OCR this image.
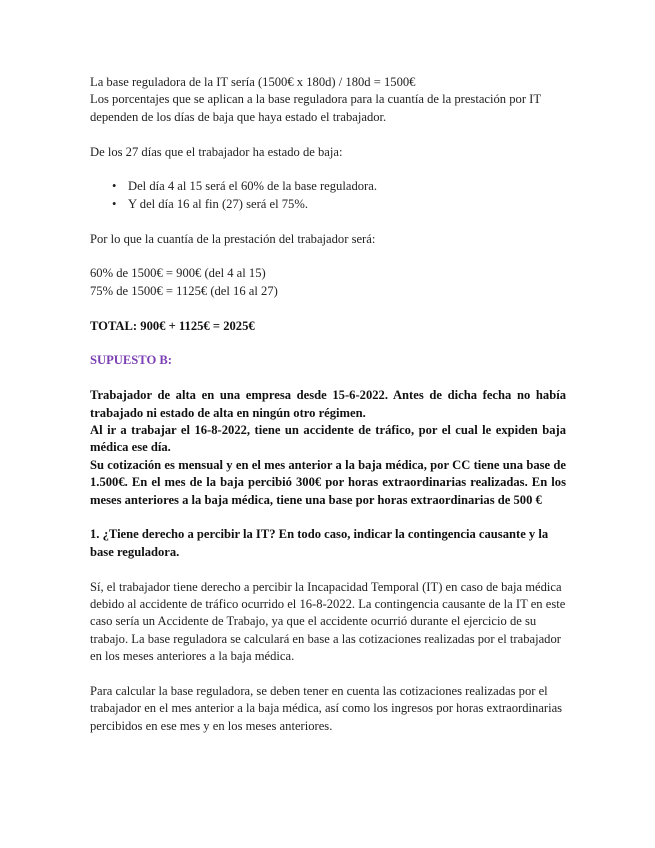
La base reguladora de la IT sería (1500€ x 180d) / 180d = 1500€

Los porcentajes que se aplican a la base reguladora para la cuantía de la prestación por IT dependen de los días de baja que haya estado el trabajador.

De los 27 días que el trabajador ha estado de baja:

• Del día 4 al 15 será el 60% de la base reguladora.
• Y del día 16 al fin (27) será el 75%.

Por lo que la cuantía de la prestación del trabajador será:

60% de 1500€ = 900€ (del 4 al 15)

75% de 1500€ = 1125€ (del 16 al 27)

TOTAL: 900€ + 1125€ = 2025€

SUPUESTO B:

Trabajador de alta en una empresa desde 15-6-2022. Antes de dicha fecha no había trabajado ni estado de alta en ningún otro régimen.

Al ir a trabajar el 16-8-2022, tiene un accidente de tráfico, por el cual le expiden baja médica ese día.

Su cotización es mensual y en el mes anterior a la baja médica, por CC tiene una base de 1.500€. En el mes de la baja percibió 300€ por horas extraordinarias realizadas. En los meses anteriores a la baja médica, tiene una base por horas extraordinarias de 500 €

1. ¿Tiene derecho a percibir la IT? En todo caso, indicar la contingencia causante y la base reguladora.

Sí, el trabajador tiene derecho a percibir la Incapacidad Temporal (IT) en caso de baja médica debido al accidente de tráfico ocurrido el 16-8-2022. La contingencia causante de la IT en este caso sería un Accidente de Trabajo, ya que el accidente ocurrió durante el ejercicio de su trabajo. La base reguladora se calculará en base a las cotizaciones realizadas por el trabajador en los meses anteriores a la baja médica.

Para calcular la base reguladora, se deben tener en cuenta las cotizaciones realizadas por el trabajador en el mes anterior a la baja médica, así como los ingresos por horas extraordinarias percibidos en ese mes y en los meses anteriores.
